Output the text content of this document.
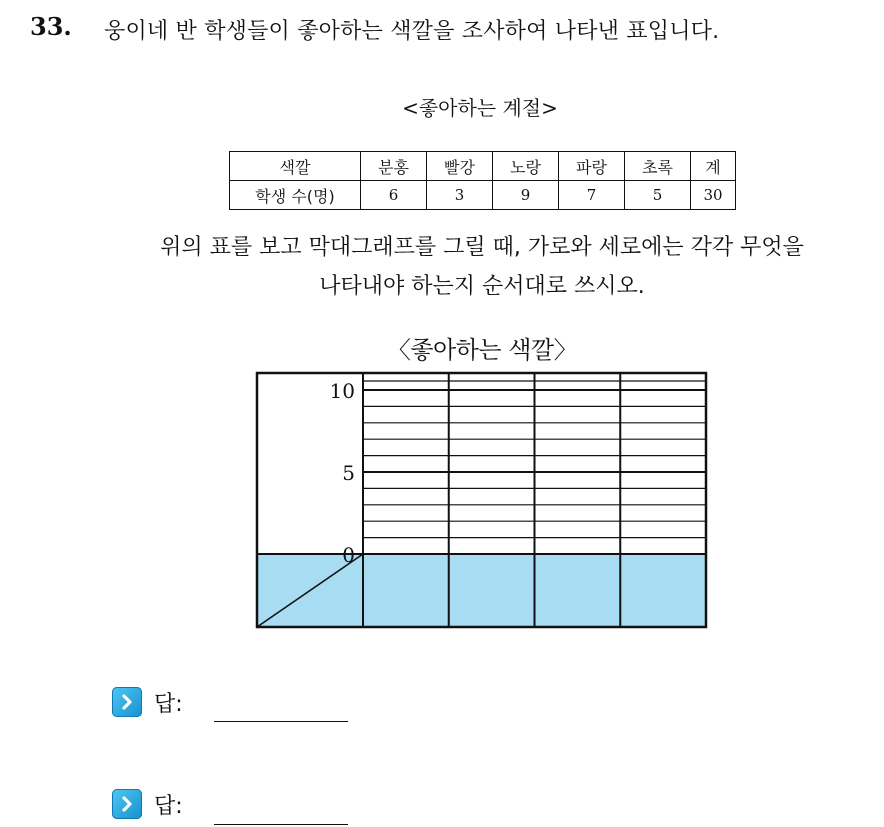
33. 웅이네 반 학생들이 좋아하는 색깔을 조사하여 나타낸 표입니다.
<좋아하는 계절>
색깔	분홍	빨강	노랑	파랑	초록	계
학생 수(명)	6	3	9	7	5	30
위의 표를 보고 막대그래프를 그릴 때, 가로와 세로에는 각각 무엇을
나타내야 하는지 순서대로 쓰시오.
〈좋아하는 색깔〉
10
5
0
답:
답:
